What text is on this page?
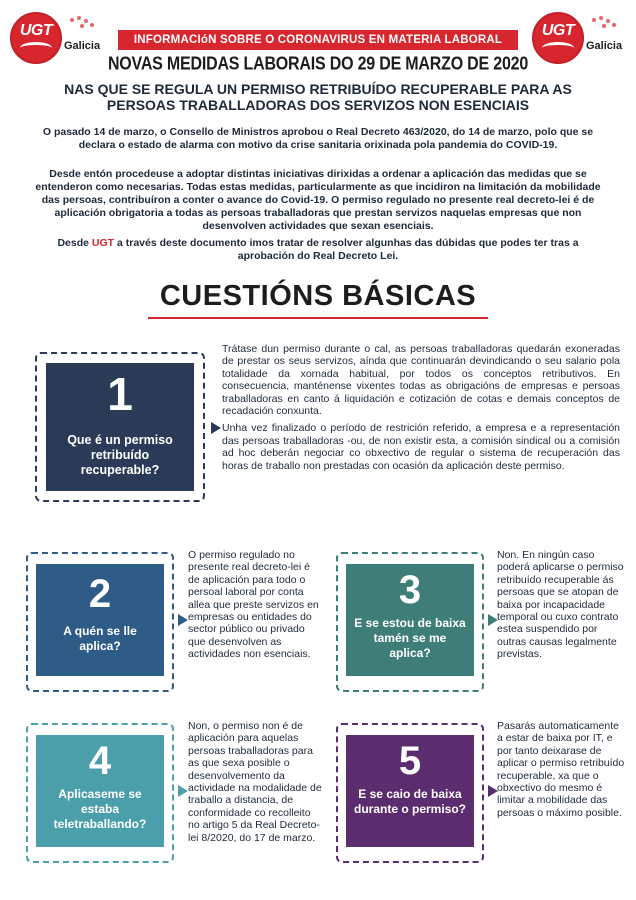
UGT
Galicia
UGT
Galicia
INFORMACIóN SOBRE O CORONAVIRUS EN MATERIA LABORAL
NOVAS MEDIDAS LABORAIS DO 29 DE MARZO DE 2020
NAS QUE SE REGULA UN PERMISO RETRIBUÍDO RECUPERABLE PARA AS
PERSOAS TRABALLADORAS DOS SERVIZOS NON ESENCIAIS

O pasado 14 de marzo, o Consello de Ministros aprobou o Real Decreto 463/2020, do 14 de marzo, polo que se declara o estado de alarma con motivo da crise sanitaria orixinada pola pandemia do COVID-19.

Desde entón procedeuse a adoptar distintas iniciativas dirixidas a ordenar a aplicación das medidas que se entenderon como necesarias. Todas estas medidas, particularmente as que incidiron na limitación da mobilidade das persoas, contribuíron a conter o avance do Covid-19. O permiso regulado no presente real decreto-lei é de aplicación obrigatoria a todas as persoas traballadoras que prestan servizos naquelas empresas que non desenvolven actividades que sexan esenciais.

Desde UGT a través deste documento imos tratar de resolver algunhas das dúbidas que podes ter tras a aprobación do Real Decreto Lei.

CUESTIÓNS BÁSICAS
1
Que é un permiso retribuído recuperable?

Trátase dun permiso durante o cal, as persoas traballadoras quedarán exoneradas de prestar os seus servizos, aínda que continuarán devindicando o seu salario pola totalidade da xornada habitual, por todos os conceptos retributivos. En consecuencia, manténense vixentes todas as obrigacións de empresas e persoas traballadoras en canto á liquidación e cotización de cotas e demais conceptos de recadación conxunta.

Unha vez finalizado o período de restrición referido, a empresa e a representación das persoas traballadoras -ou, de non existir esta, a comisión sindical ou a comisión ad hoc deberán negociar co obxectivo de regular o sistema de recuperación das horas de traballo non prestadas con ocasión da aplicación deste permiso.

2
A quén se lle aplica?
O permiso regulado no presente real decreto-lei é de aplicación para todo o persoal laboral por conta allea que preste servizos en empresas ou entidades do sector público ou privado que desenvolven as actividades non esenciais.
3
E se estou de baixa tamén se me aplica?
Non. En ningún caso poderá aplicarse o permiso retribuído recuperable ás persoas que se atopan de baixa por incapacidade temporal ou cuxo contrato estea suspendido por outras causas legalmente previstas.
4
Aplicaseme se estaba teletraballando?
Non, o permiso non é de aplicación para aquelas persoas traballadoras para as que sexa posible o desenvolvemento da actividade na modalidade de traballo a distancia, de conformidade co recolleito no artigo 5 da Real Decreto-lei 8/2020, do 17 de marzo.
5
E se caio de baixa durante o permiso?
Pasarás automaticamente a estar de baixa por IT, e por tanto deixarase de aplicar o permiso retribuído recuperable, xa que o obxectivo do mesmo é limitar a mobilidade das persoas o máximo posible.
